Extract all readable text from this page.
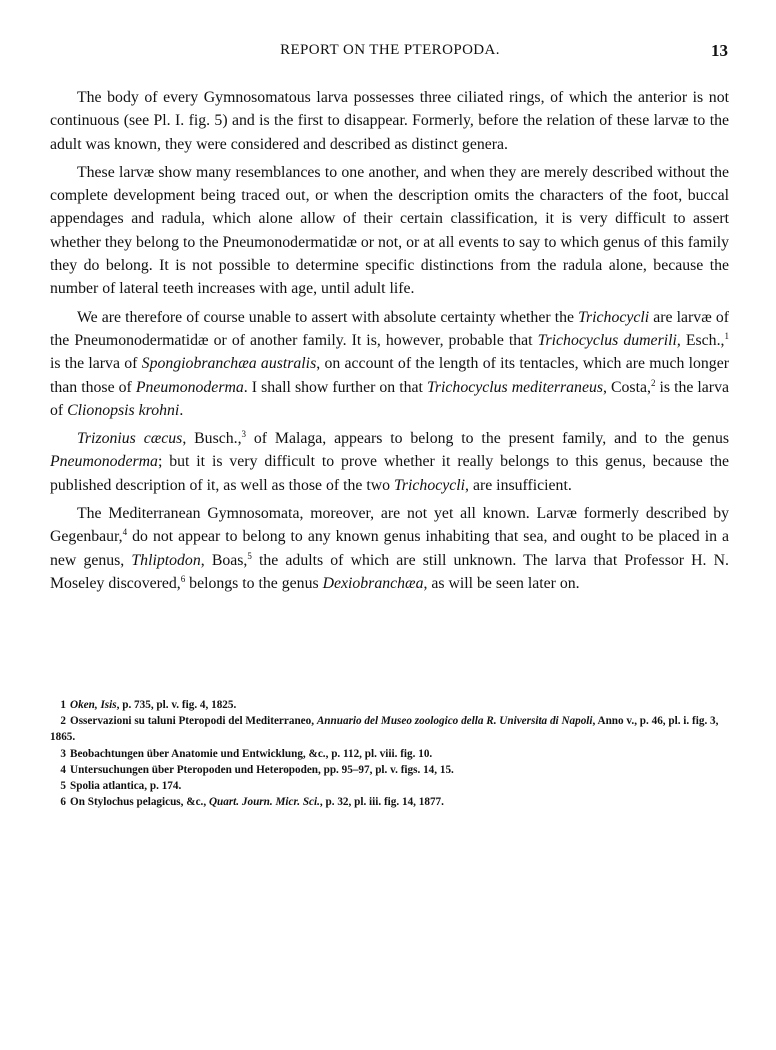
REPORT ON THE PTEROPODA.	13

The body of every Gymnosomatous larva possesses three ciliated rings, of which the anterior is not continuous (see Pl. I. fig. 5) and is the first to disappear. Formerly, before the relation of these larvæ to the adult was known, they were considered and described as distinct genera.

These larvæ show many resemblances to one another, and when they are merely described without the complete development being traced out, or when the description omits the characters of the foot, buccal appendages and radula, which alone allow of their certain classification, it is very difficult to assert whether they belong to the Pneumonodermatidæ or not, or at all events to say to which genus of this family they do belong. It is not possible to determine specific distinctions from the radula alone, because the number of lateral teeth increases with age, until adult life.

We are therefore of course unable to assert with absolute certainty whether the Trichocycli are larvæ of the Pneumonodermatidæ or of another family. It is, however, probable that Trichocyclus dumerili, Esch.,$^1$ is the larva of Spongiobranchæa australis, on account of the length of its tentacles, which are much longer than those of Pneumonoderma. I shall show further on that Trichocyclus mediterraneus, Costa,$^2$ is the larva of Clionopsis krohni.

Trizonius cæcus, Busch.,$^3$ of Malaga, appears to belong to the present family, and to the genus Pneumonoderma; but it is very difficult to prove whether it really belongs to this genus, because the published description of it, as well as those of the two Trichocycli, are insufficient.

The Mediterranean Gymnosomata, moreover, are not yet all known. Larvæ formerly described by Gegenbaur,$^4$ do not appear to belong to any known genus inhabiting that sea, and ought to be placed in a new genus, Thliptodon, Boas,$^5$ the adults of which are still unknown. The larva that Professor H. N. Moseley discovered,$^6$ belongs to the genus Dexiobranchæa, as will be seen later on.

1 Oken, Isis, p. 735, pl. v. fig. 4, 1825.

2 Osservazioni su taluni Pteropodi del Mediterraneo, Annuario del Museo zoologico della R. Universita di Napoli, Anno v., p. 46, pl. i. fig. 3, 1865.

3 Beobachtungen über Anatomie und Entwicklung, &c., p. 112, pl. viii. fig. 10.

4 Untersuchungen über Pteropoden und Heteropoden, pp. 95–97, pl. v. figs. 14, 15.

5 Spolia atlantica, p. 174.

6 On Stylochus pelagicus, &c., Quart. Journ. Micr. Sci., p. 32, pl. iii. fig. 14, 1877.
